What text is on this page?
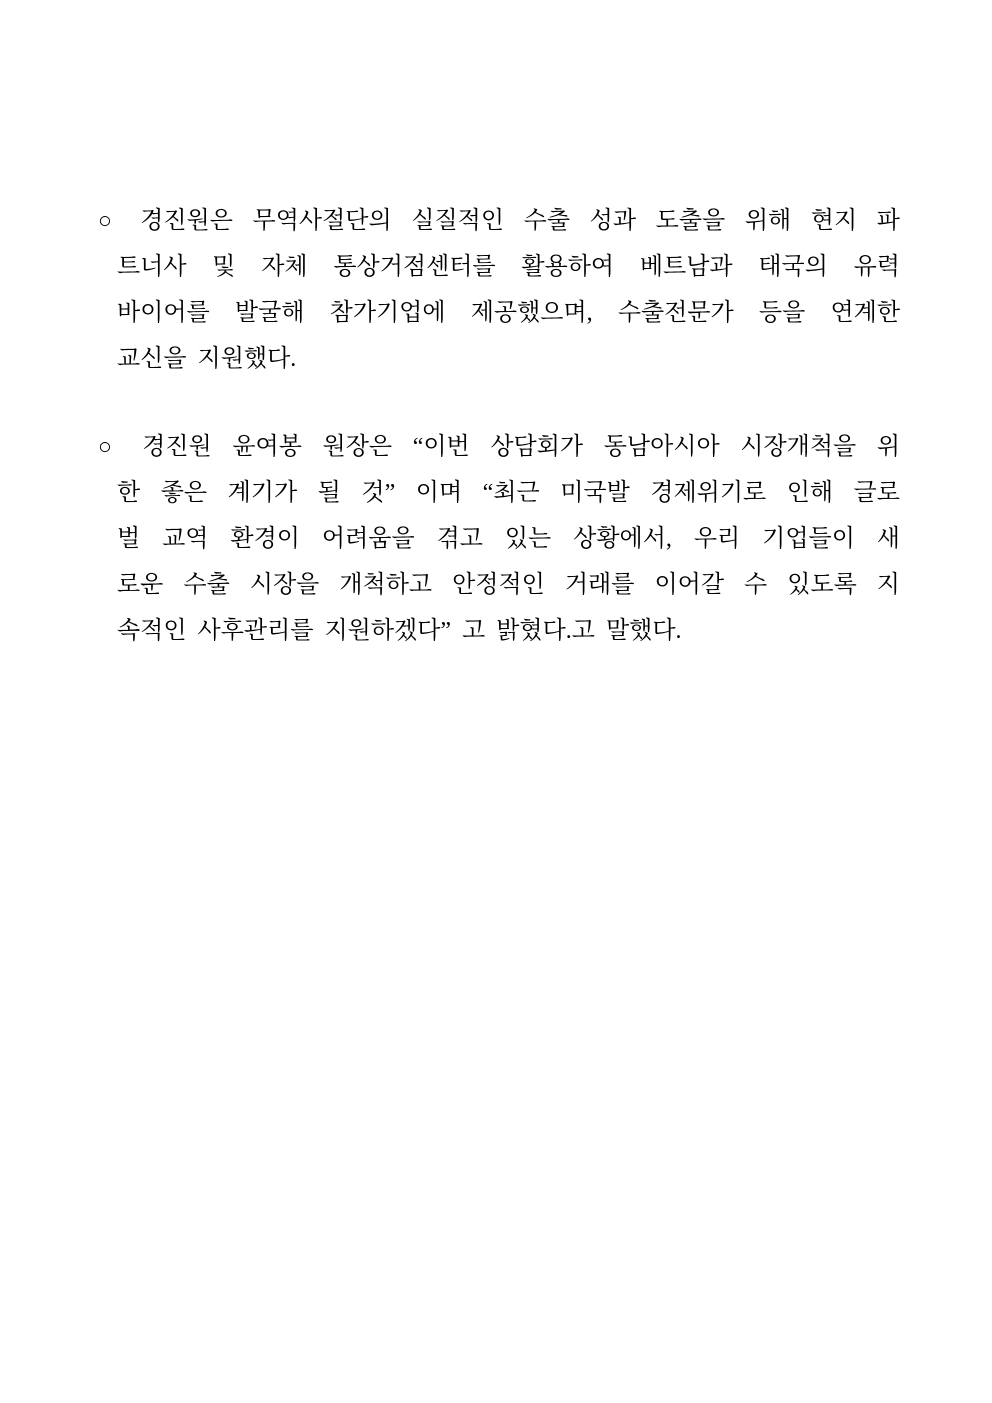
○ 경진원은 무역사절단의 실질적인 수출 성과 도출을 위해 현지 파
트너사 및 자체 통상거점센터를 활용하여 베트남과 태국의 유력
바이어를 발굴해 참가기업에 제공했으며, 수출전문가 등을 연계한
교신을 지원했다.
○ 경진원 윤여봉 원장은 “이번 상담회가 동남아시아 시장개척을 위
한 좋은 계기가 될 것” 이며 “최근 미국발 경제위기로 인해 글로
벌 교역 환경이 어려움을 겪고 있는 상황에서, 우리 기업들이 새
로운 수출 시장을 개척하고 안정적인 거래를 이어갈 수 있도록 지
속적인 사후관리를 지원하겠다” 고 밝혔다.고 말했다.
